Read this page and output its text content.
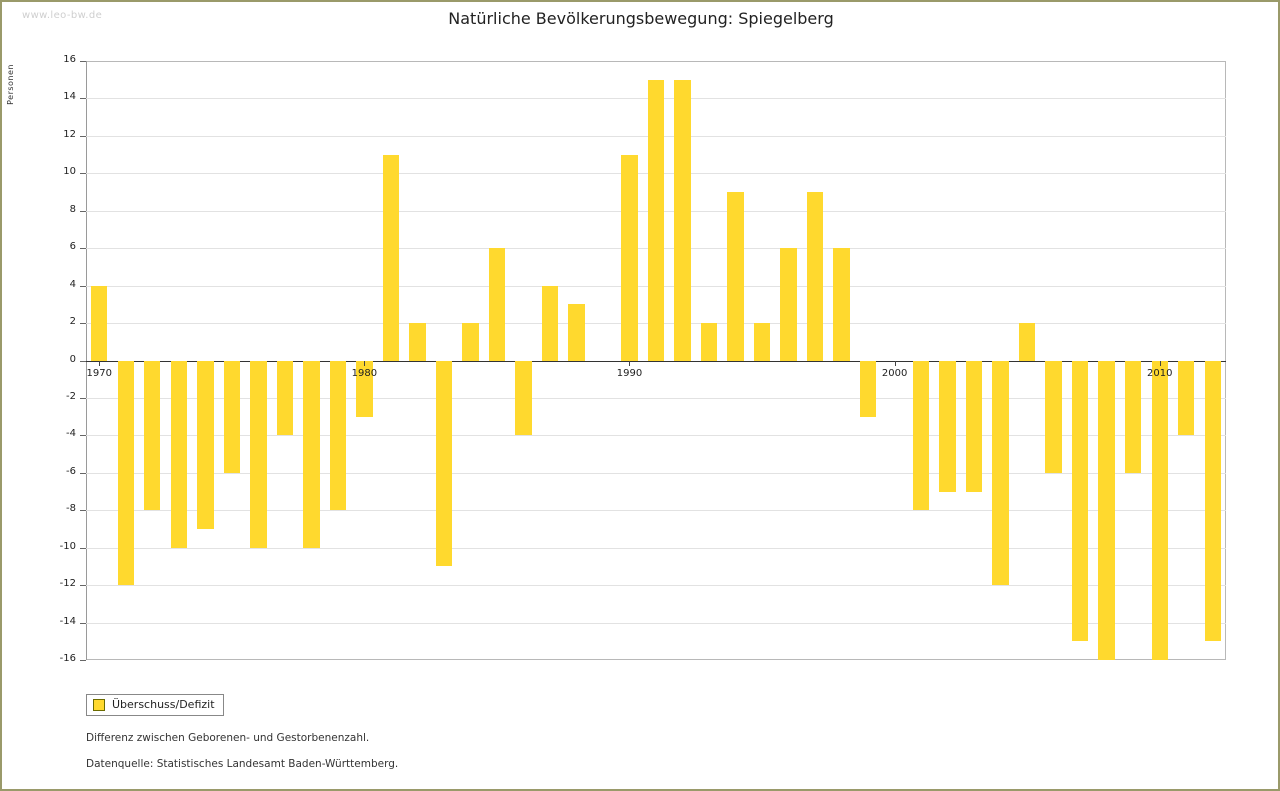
www.leo-bw.de	Natürliche Bevölkerungsbewegung: Spiegelberg
Personen
-16
-14
-12
-10
-8
-6
-4
-2
0
2
4
6
8
10
12
14
16
1970	1980	1990	2000	2010
Überschuss/Defizit
Differenz zwischen Geborenen- und Gestorbenenzahl.
Datenquelle: Statistisches Landesamt Baden-Württemberg.
